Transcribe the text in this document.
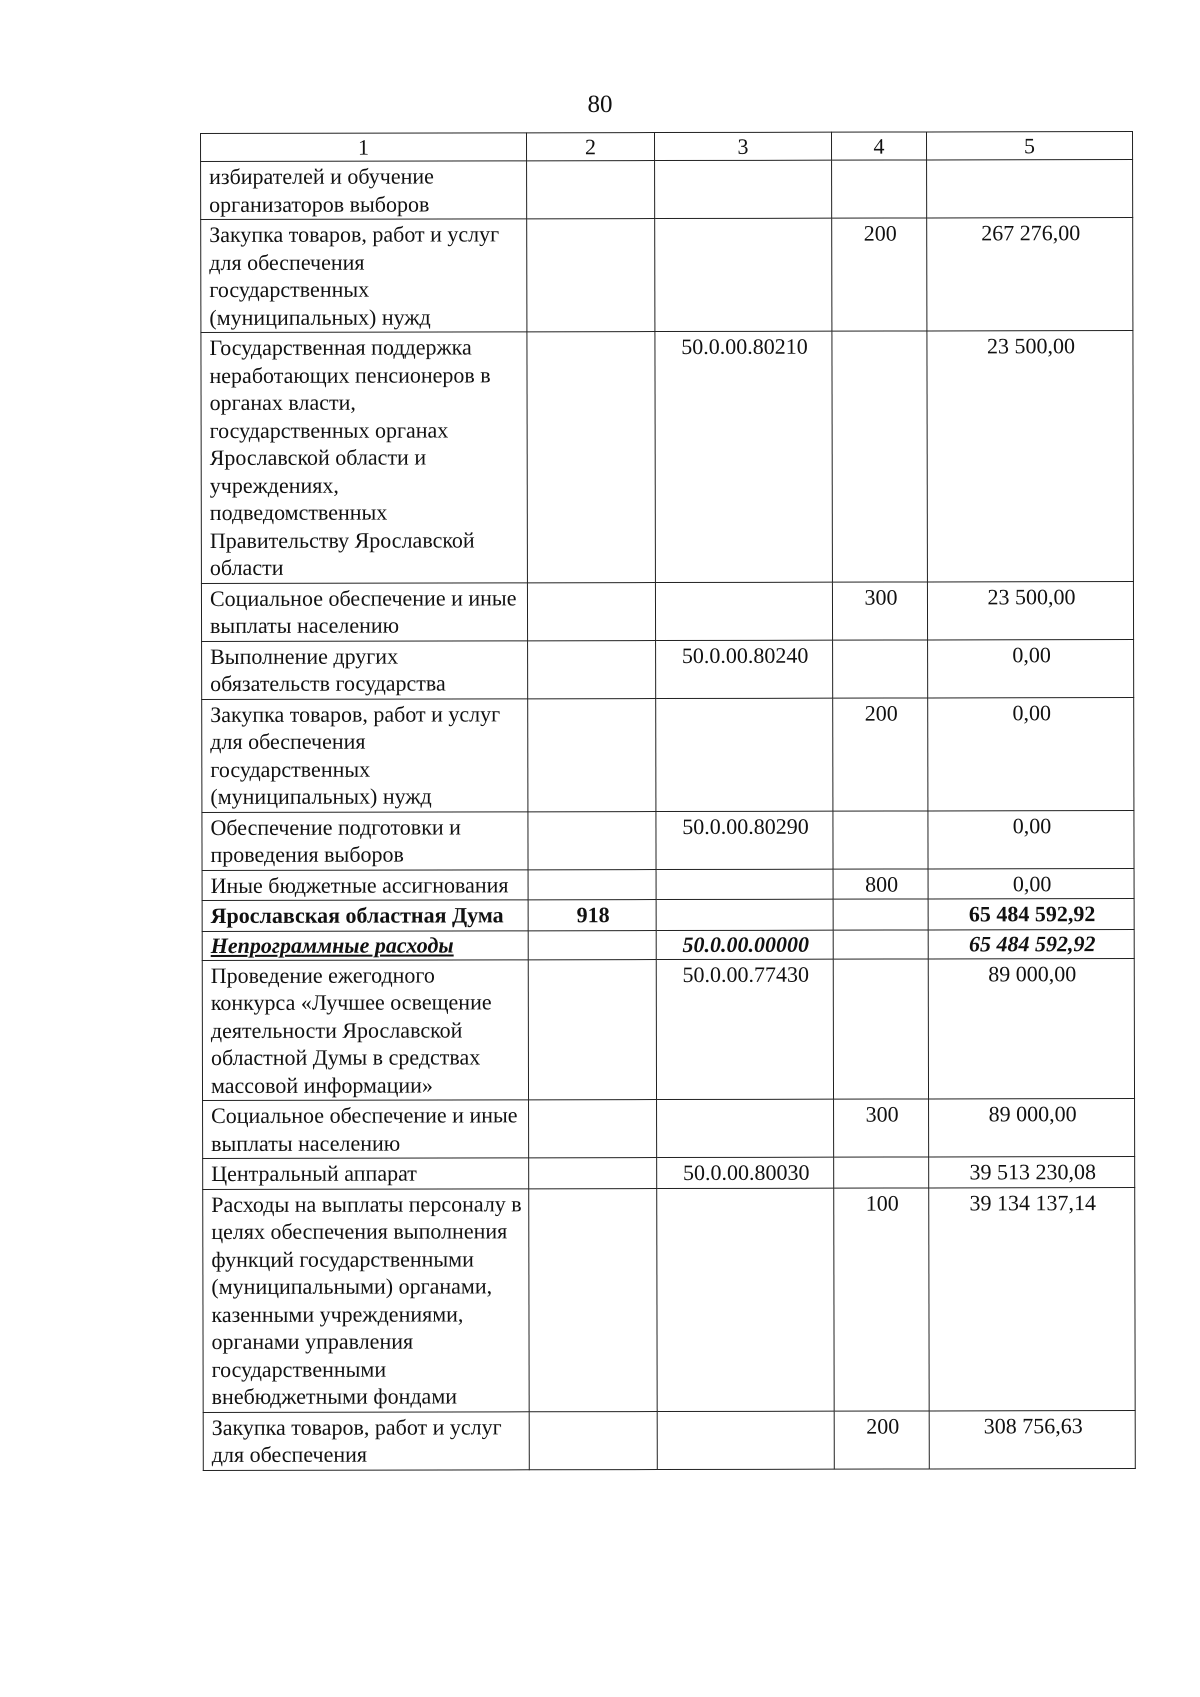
80
1	2	3	4	5
избирателей и обучение организаторов выборов				
Закупка товаров, работ и услуг для обеспечения государственных (муниципальных) нужд			200	267 276,00
Государственная поддержка неработающих пенсионеров в органах власти, государственных органах Ярославской области и учреждениях, подведомственных Правительству Ярославской области		50.0.00.80210		23 500,00
Социальное обеспечение и иные выплаты населению			300	23 500,00
Выполнение других обязательств государства		50.0.00.80240		0,00
Закупка товаров, работ и услуг для обеспечения государственных (муниципальных) нужд			200	0,00
Обеспечение подготовки и проведения выборов		50.0.00.80290		0,00
Иные бюджетные ассигнования			800	0,00
Ярославская областная Дума	918			65 484 592,92
Непрограммные расходы		50.0.00.00000		65 484 592,92
Проведение ежегодного конкурса «Лучшее освещение деятельности Ярославской областной Думы в средствах массовой информации»		50.0.00.77430		89 000,00
Социальное обеспечение и иные выплаты населению			300	89 000,00
Центральный аппарат		50.0.00.80030		39 513 230,08
Расходы на выплаты персоналу в целях обеспечения выполнения функций государственными (муниципальными) органами, казенными учреждениями, органами управления государственными внебюджетными фондами			100	39 134 137,14
Закупка товаров, работ и услуг для обеспечения			200	308 756,63
